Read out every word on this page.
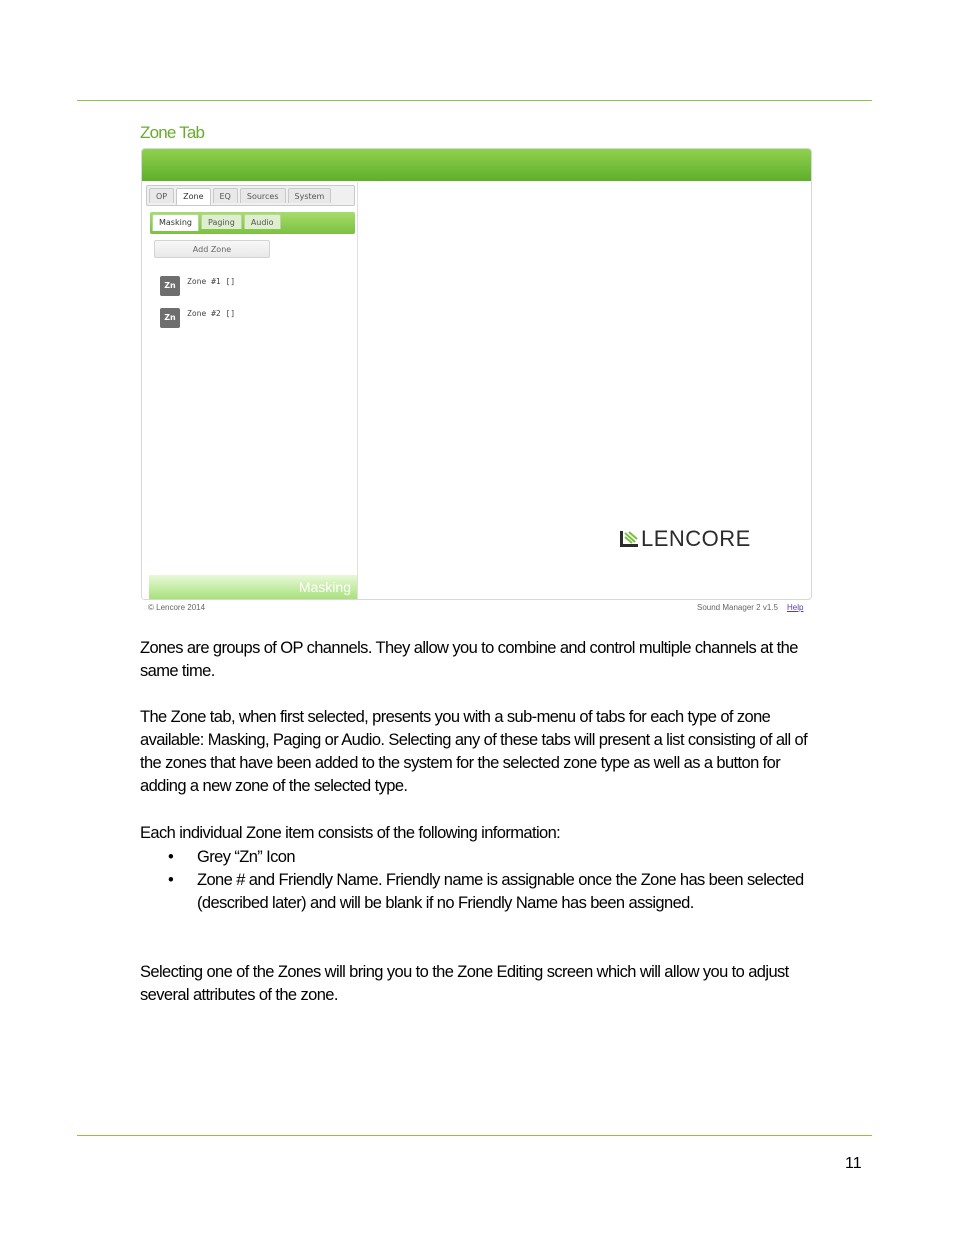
Zone Tab
OP	Zone	EQ	Sources	System
Masking	Paging	Audio
Add Zone
Zn	Zone #1 []
Zn	Zone #2 []
Masking
LENCORE
© Lencore 2014	Sound Manager 2 v1.5 Help

Zones are groups of OP channels. They allow you to combine and control multiple channels at the same time.

The Zone tab, when first selected, presents you with a sub-menu of tabs for each type of zone available: Masking, Paging or Audio. Selecting any of these tabs will present a list consisting of all of the zones that have been added to the system for the selected zone type as well as a button for adding a new zone of the selected type.

Each individual Zone item consists of the following information:

• Grey “Zn” Icon
• Zone # and Friendly Name. Friendly name is assignable once the Zone has been selected (described later) and will be blank if no Friendly Name has been assigned.

Selecting one of the Zones will bring you to the Zone Editing screen which will allow you to adjust several attributes of the zone.

11
